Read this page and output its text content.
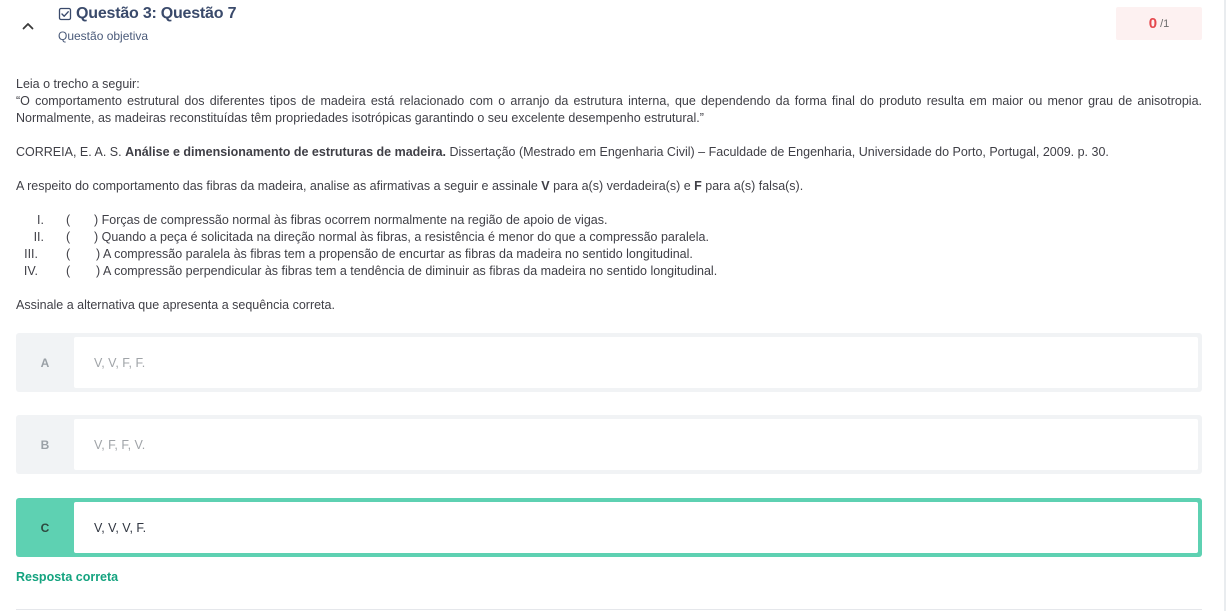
Questão 3: Questão 7
Questão objetiva
0 /1

Leia o trecho a seguir:

“O comportamento estrutural dos diferentes tipos de madeira está relacionado com o arranjo da estrutura interna, que dependendo da forma final do produto resulta em maior ou menor grau de anisotropia. Normalmente, as madeiras reconstituídas têm propriedades isotrópicas garantindo o seu excelente desempenho estrutural.”

CORREIA, E. A. S. Análise e dimensionamento de estruturas de madeira. Dissertação (Mestrado em Engenharia Civil) – Faculdade de Engenharia, Universidade do Porto, Portugal, 2009. p. 30.

A respeito do comportamento das fibras da madeira, analise as afirmativas a seguir e assinale V para a(s) verdadeira(s) e F para a(s) falsa(s).

I.	(	) Forças de compressão normal às fibras ocorrem normalmente na região de apoio de vigas.
II.	(	) Quando a peça é solicitada na direção normal às fibras, a resistência é menor do que a compressão paralela.
III.	(	) A compressão paralela às fibras tem a propensão de encurtar as fibras da madeira no sentido longitudinal.
IV.	(	) A compressão perpendicular às fibras tem a tendência de diminuir as fibras da madeira no sentido longitudinal.

Assinale a alternativa que apresenta a sequência correta.

A	V, V, F, F.
B	V, F, F, V.
C	V, V, V, F.
Resposta correta
